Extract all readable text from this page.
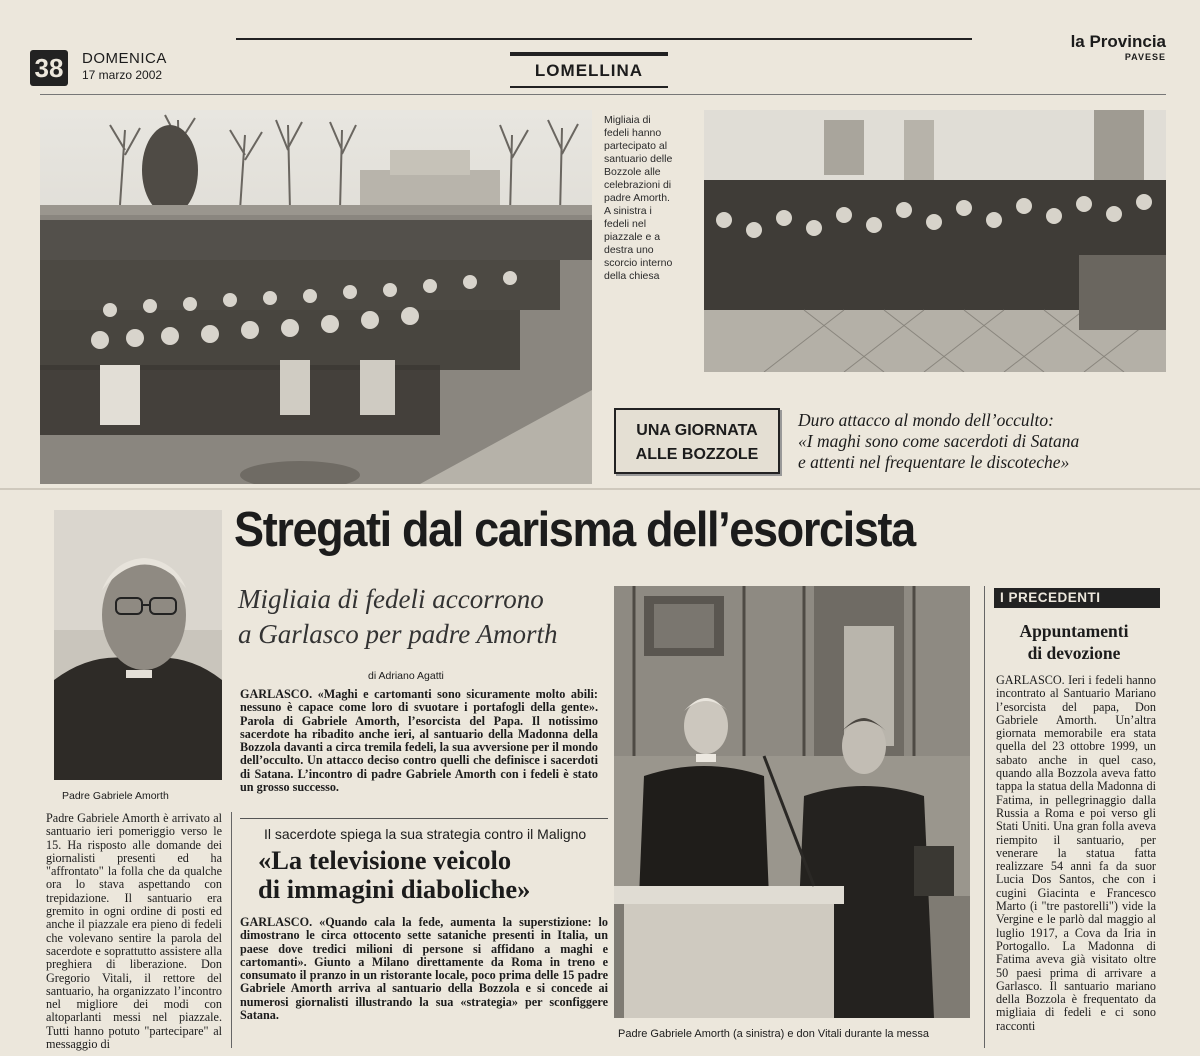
38	DOMENICA
17 marzo 2002	LOMELLINA
la Provincia
PAVESE
Migliaia di fedeli hanno partecipato al santuario delle Bozzole alle celebrazioni di padre Amorth. A sinistra i fedeli nel piazzale e a destra uno scorcio interno della chiesa
UNA GIORNATA
ALLE BOZZOLE
Duro attacco al mondo dell’occulto:
«I maghi sono come sacerdoti di Satana
e attenti nel frequentare le discoteche»
Padre Gabriele Amorth
Stregati dal carisma dell’esorcista
Migliaia di fedeli accorrono
a Garlasco per padre Amorth
di Adriano Agatti
GARLASCO. «Maghi e cartomanti sono sicuramente molto abili: nessuno è capace come loro di svuotare i portafogli della gente». Parola di Gabriele Amorth, l’esorcista del Papa. Il notissimo sacerdote ha ribadito anche ieri, al santuario della Madonna della Bozzola davanti a circa tremila fedeli, la sua avversione per il mondo dell’occulto. Un attacco deciso contro quelli che definisce i sacerdoti di Satana. L’incontro di padre Gabriele Amorth con i fedeli è stato un grosso successo.
Padre Gabriele Amorth è arrivato al santuario ieri pomeriggio verso le 15. Ha risposto alle domande dei giornalisti presenti ed ha "affrontato" la folla che da qualche ora lo stava aspettando con trepidazione. Il santuario era gremito in ogni ordine di posti ed anche il piazzale era pieno di fedeli che volevano sentire la parola del sacerdote e soprattutto assistere alla preghiera di liberazione. Don Gregorio Vitali, il rettore del santuario, ha organizzato l’incontro nel migliore dei modi con altoparlanti messi nel piazzale. Tutti hanno potuto "partecipare" al messaggio di
Il sacerdote spiega la sua strategia contro il Maligno
«La televisione veicolo
di immagini diaboliche»
GARLASCO. «Quando cala la fede, aumenta la superstizione: lo dimostrano le circa ottocento sette sataniche presenti in Italia, un paese dove tredici milioni di persone si affidano a maghi e cartomanti». Giunto a Milano direttamente da Roma in treno e consumato il pranzo in un ristorante locale, poco prima delle 15 padre Gabriele Amorth arriva al santuario della Bozzola e si concede ai numerosi giornalisti illustrando la sua «strategia» per sconfiggere Satana.
Padre Gabriele Amorth (a sinistra) e don Vitali durante la messa
I PRECEDENTI
Appuntamenti
di devozione
GARLASCO. Ieri i fedeli hanno incontrato al Santuario Mariano l’esorcista del papa, Don Gabriele Amorth. Un’altra giornata memorabile era stata quella del 23 ottobre 1999, un sabato anche in quel caso, quando alla Bozzola aveva fatto tappa la statua della Madonna di Fatima, in pellegrinaggio dalla Russia a Roma e poi verso gli Stati Uniti. Una gran folla aveva riempito il santuario, per venerare la statua fatta realizzare 54 anni fa da suor Lucia Dos Santos, che con i cugini Giacinta e Francesco Marto (i "tre pastorelli") vide la Vergine e le parlò dal maggio al luglio 1917, a Cova da Iria in Portogallo. La Madonna di Fatima aveva già visitato oltre 50 paesi prima di arrivare a Garlasco. Il santuario mariano della Bozzola è frequentato da migliaia di fedeli e ci sono racconti
